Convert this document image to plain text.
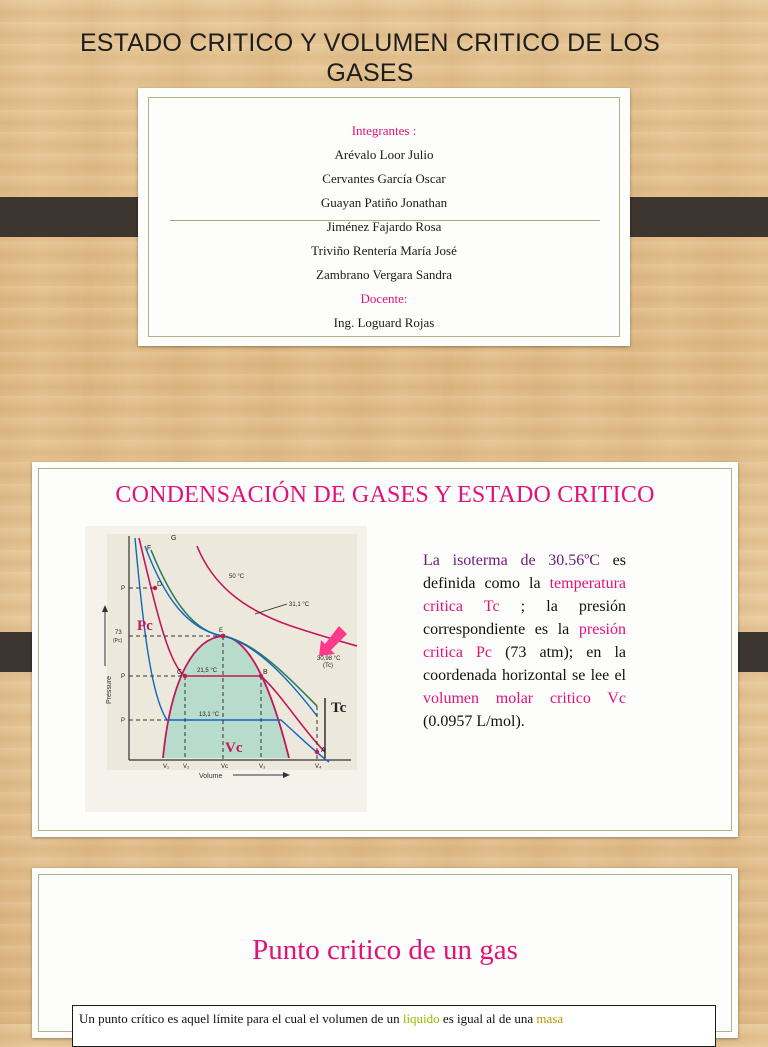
ESTADO CRITICO Y VOLUMEN CRITICO DE LOS GASES
Integrantes :
Arévalo Loor Julio
Cervantes García Oscar
Guayan Patiño Jonathan
Jiménez Fajardo Rosa
Triviño Rentería María José
Zambrano Vergara Sandra
Docente:
Ing. Loguard Rojas
CONDENSACIÓN DE GASES Y ESTADO CRITICO
Pressure
Volume
G
F
E
D
C	B
A
50 °C
31,1 °C
30,98 °C
(Tc)
21,5 °C
13,1 °C
P
P
P
73
(Pc)
Pc
V₁ V₂	V₃
Vc	V₄
Vc
Tc
La isoterma de 30.56ºC es definida como la temperatura critica Tc ; la presión correspondiente es la presión critica Pc (73 atm); en la coordenada horizontal se lee el volumen molar critico Vc (0.0957 L/mol).
Punto critico de un gas
Un punto crítico es aquel límite para el cual el volumen de un líquido es igual al de una masa
